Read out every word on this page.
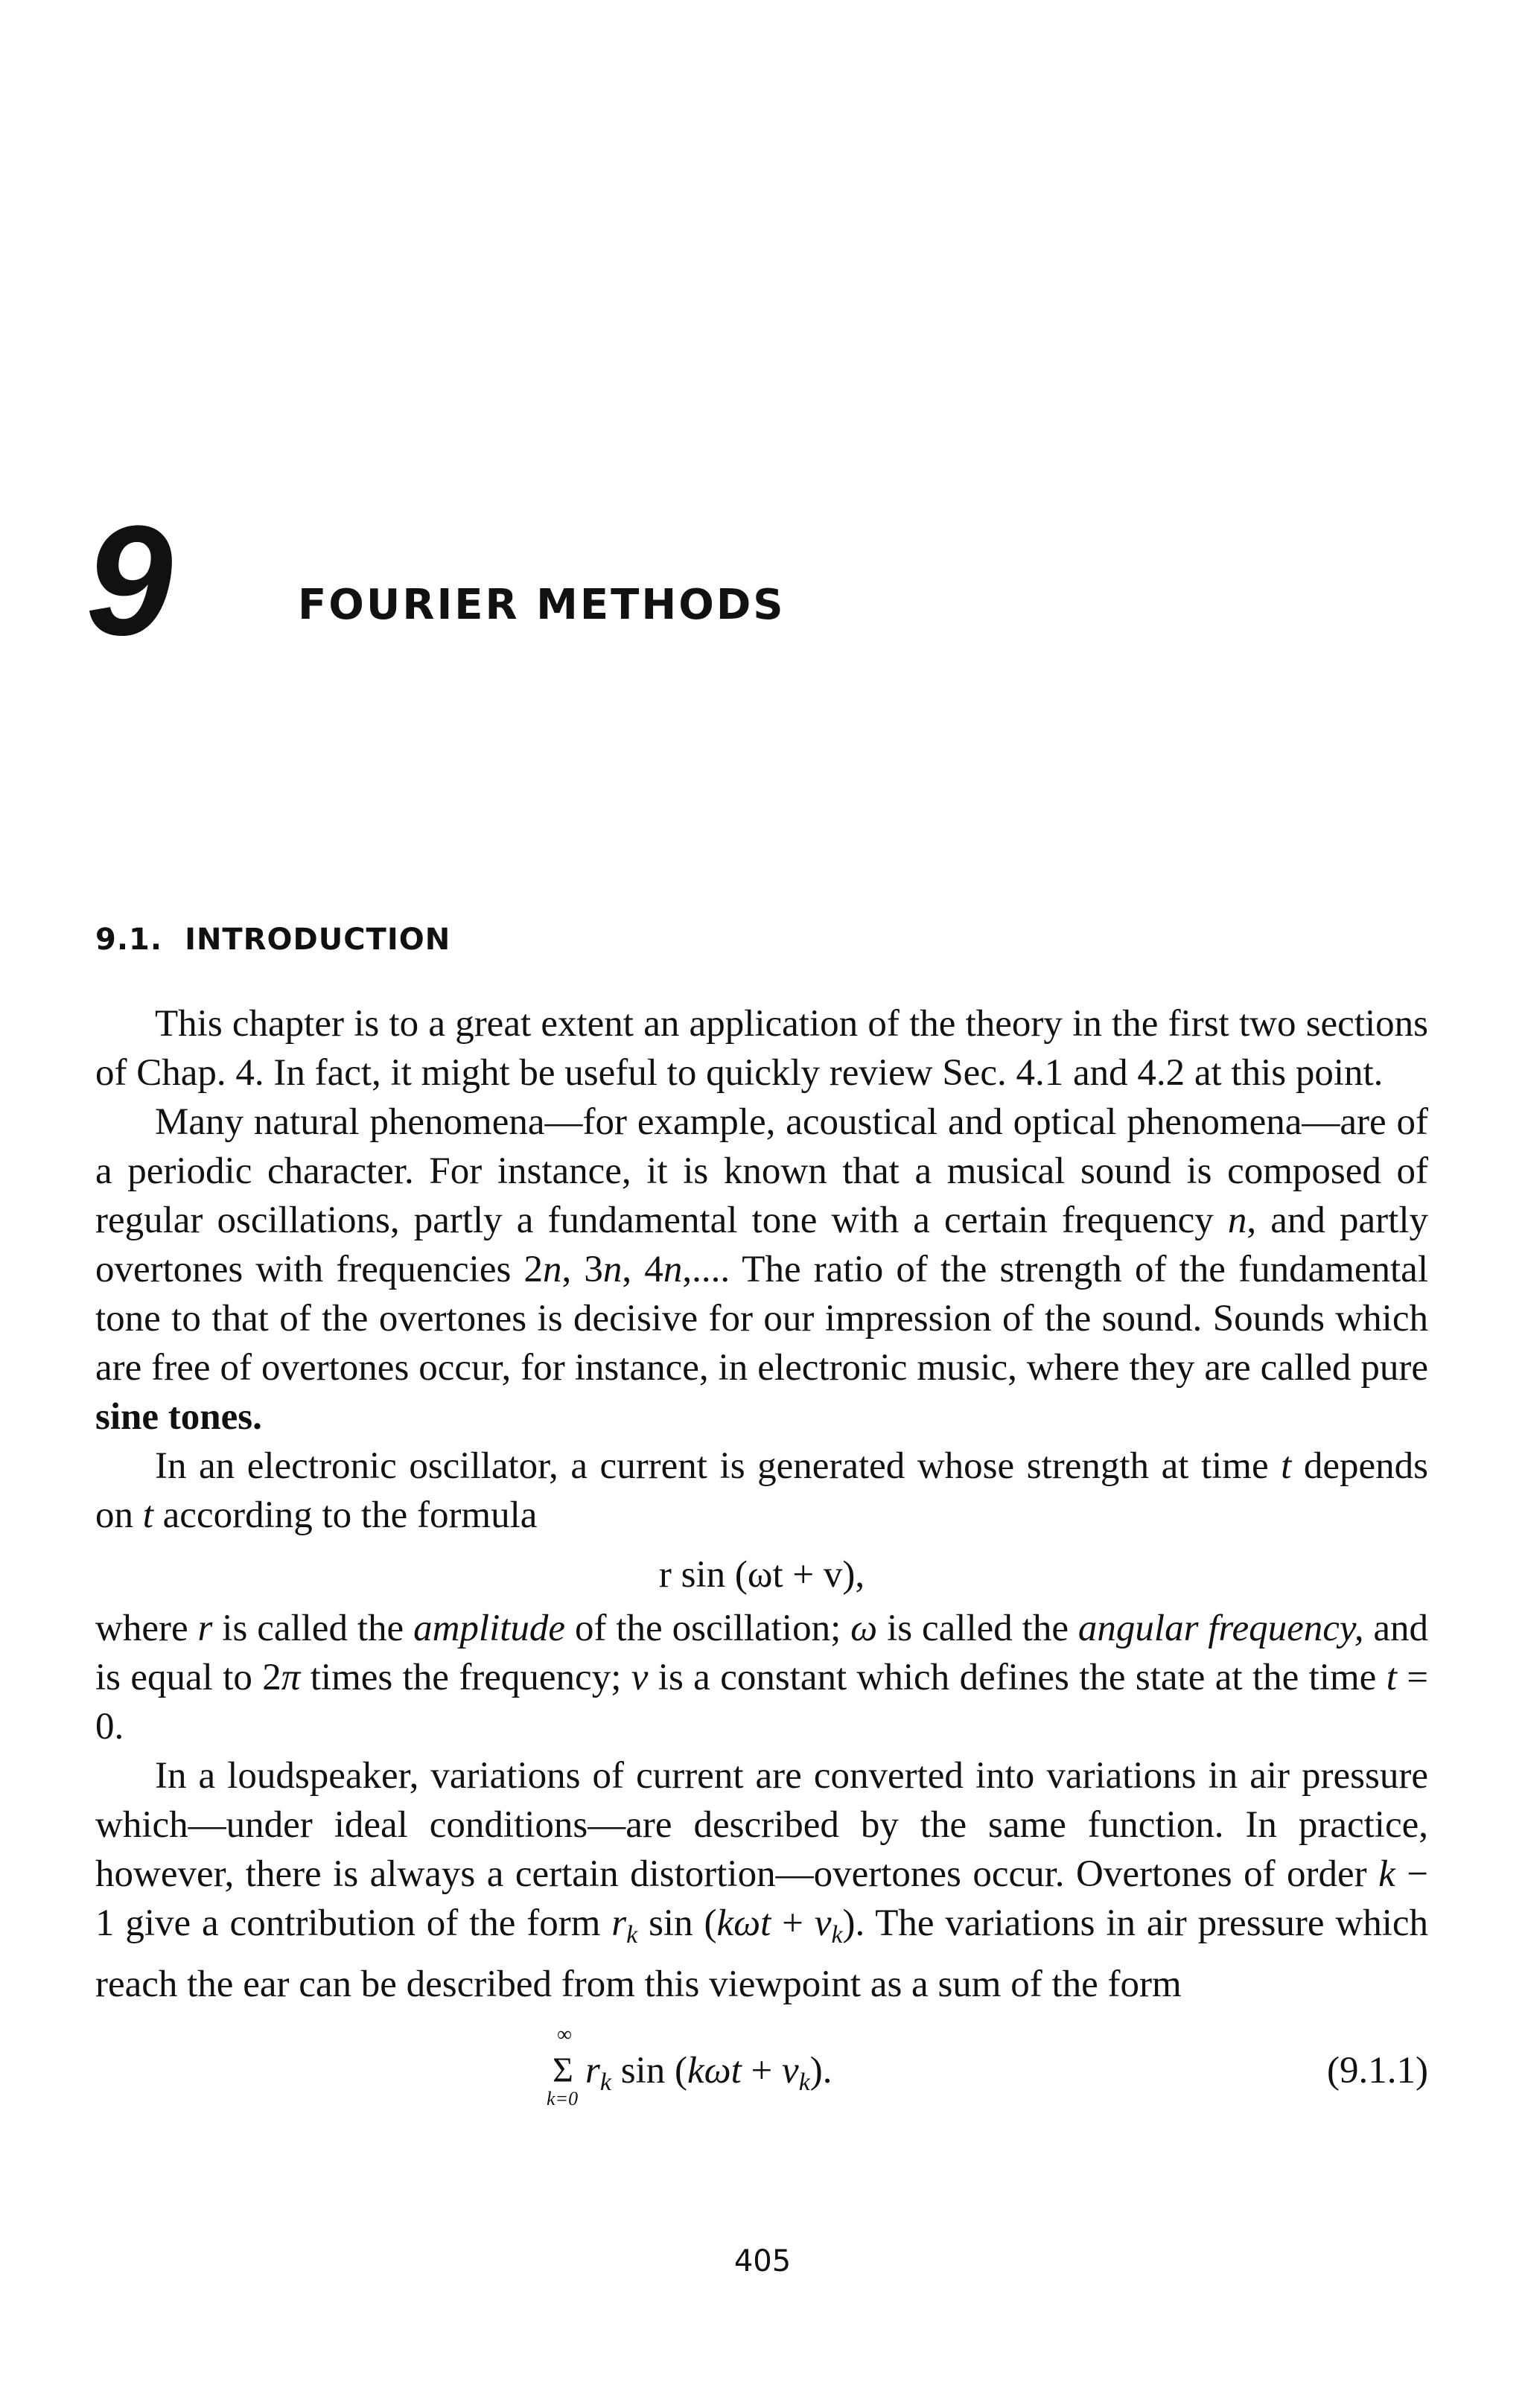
9	FOURIER METHODS
9.1. INTRODUCTION

This chapter is to a great extent an application of the theory in the first two sections of Chap. 4. In fact, it might be useful to quickly review Sec. 4.1 and 4.2 at this point.

Many natural phenomena—for example, acoustical and optical phenomena—are of a periodic character. For instance, it is known that a musical sound is composed of regular oscillations, partly a fundamental tone with a certain frequency n, and partly overtones with frequencies 2n, 3n, 4n,.... The ratio of the strength of the fundamental tone to that of the overtones is decisive for our impression of the sound. Sounds which are free of overtones occur, for instance, in electronic music, where they are called pure sine tones.

In an electronic oscillator, a current is generated whose strength at time t depends on t according to the formula

r sin (ωt + v),

where r is called the amplitude of the oscillation; ω is called the angular frequency, and is equal to 2π times the frequency; v is a constant which defines the state at the time t = 0.

In a loudspeaker, variations of current are converted into variations in air pressure which—under ideal conditions—are described by the same function. In practice, however, there is always a certain distortion—overtones occur. Overtones of order k − 1 give a contribution of the form $r_k$ $\sin (k\omega t + v_k)$. The variations in air pressure which reach the ear can be described from this viewpoint as a sum of the form

∞
Σ
k=0
$r_k$ $\sin (k\omega t + v_k)$.	(9.1.1)
405
